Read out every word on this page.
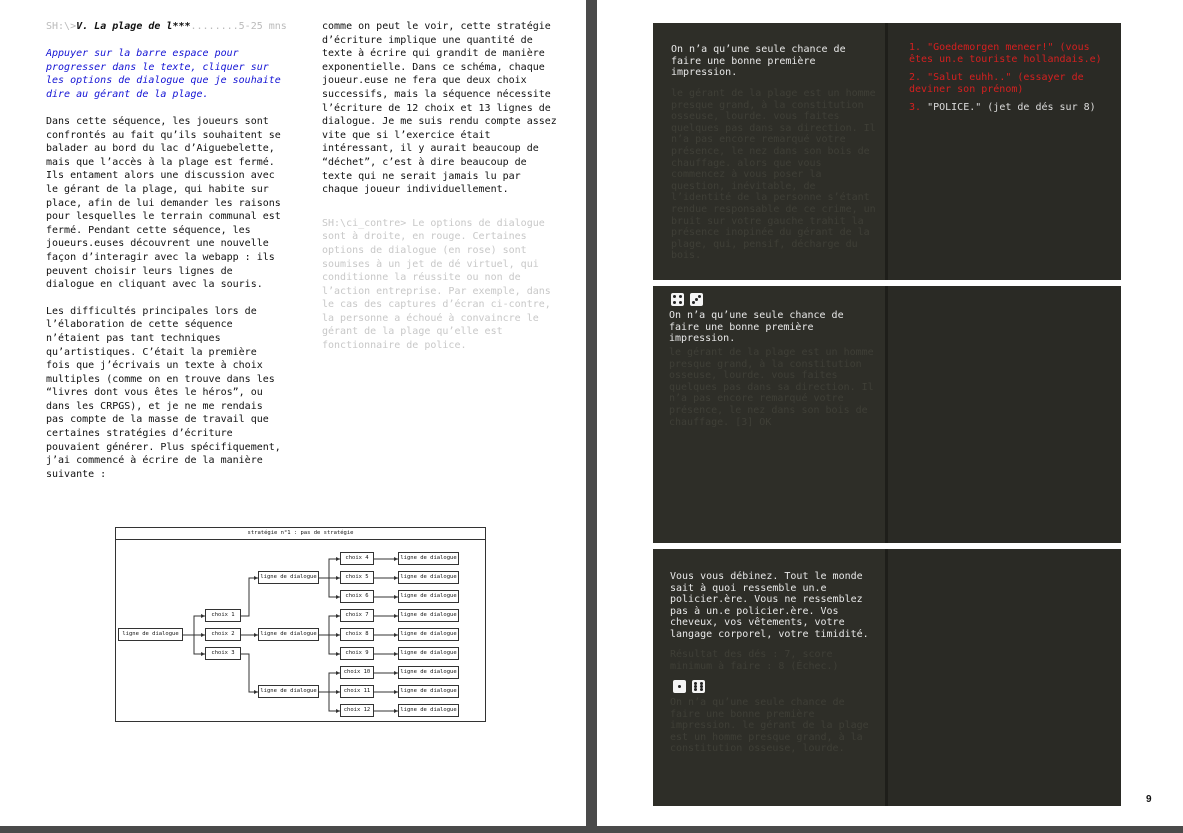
SH:\>V. La plage de l***........5-25 mns
Appuyer sur la barre espace pour progresser dans le texte, cliquer sur les options de dialogue que je souhaite dire au gérant de la plage.

Dans cette séquence, les joueurs sont confrontés au fait qu’ils souhaitent se balader au bord du lac d’Aiguebelette, mais que l’accès à la plage est fermé. Ils entament alors une discussion avec le gérant de la plage, qui habite sur place, afin de lui demander les raisons pour lesquelles le terrain communal est fermé. Pendant cette séquence, les joueurs.euses découvrent une nouvelle façon d’interagir avec la webapp : ils peuvent choisir leurs lignes de dialogue en cliquant avec la souris.

Les difficultés principales lors de l’élaboration de cette séquence n’étaient pas tant techniques qu’artistiques. C’était la première fois que j’écrivais un texte à choix multiples (comme on en trouve dans les “livres dont vous êtes le héros”, ou dans les CRPGS), et je ne me rendais pas compte de la masse de travail que certaines stratégies d’écriture pouvaient générer. Plus spécifiquement, j’ai commencé à écrire de la manière suivante :

comme on peut le voir, cette stratégie d’écriture implique une quantité de texte à écrire qui grandit de manière exponentielle. Dans ce schéma, chaque joueur.euse ne fera que deux choix successifs, mais la séquence nécessite l’écriture de 12 choix et 13 lignes de dialogue. Je me suis rendu compte assez vite que si l’exercice était intéressant, il y aurait beaucoup de “déchet”, c’est à dire beaucoup de texte qui ne serait jamais lu par chaque joueur individuellement.

SH:\ci_contre> Le options de dialogue sont à droite, en rouge. Certaines options de dialogue (en rose) sont soumises à un jet de dé virtuel, qui conditionne la réussite ou non de l’action entreprise. Par exemple, dans le cas des captures d’écran ci-contre, la personne a échoué à convaincre le gérant de la plage qu’elle est fonctionnaire de police.

stratégie n°1 : pas de stratégie
ligne de dialogue
choix 1
choix 2
choix 3
ligne de dialogue
ligne de dialogue
ligne de dialogue
choix 4
choix 5
choix 6
choix 7
choix 8
choix 9
choix 10
choix 11
choix 12
ligne de dialogue
ligne de dialogue
ligne de dialogue
ligne de dialogue
ligne de dialogue
ligne de dialogue
ligne de dialogue
ligne de dialogue
ligne de dialogue
On n’a qu’une seule chance de faire une bonne première impression.
le gérant de la plage est un homme presque grand, à la constitution osseuse, lourde. vous faites quelques pas dans sa direction. Il n’a pas encore remarqué votre présence, le nez dans son bois de chauffage. alors que vous commencez à vous poser la question, inévitable, de l’identité de la personne s’étant rendue responsable de ce crime, un bruit sur votre gauche trahit la présence inopinée du gérant de la plage, qui, pensif, décharge du bois.
1. "Goedemorgen meneer!" (vous êtes un.e touriste hollandais.e)
2. "Salut euhh.." (essayer de deviner son prénom)
3. "POLICE." (jet de dés sur 8)
On n’a qu’une seule chance de faire une bonne première impression.
le gérant de la plage est un homme presque grand, à la constitution osseuse, lourde. vous faites quelques pas dans sa direction. Il n’a pas encore remarqué votre présence, le nez dans son bois de chauffage. [3] OK
Vous vous débinez. Tout le monde sait à quoi ressemble un.e policier.ère. Vous ne ressemblez pas à un.e policier.ère. Vos cheveux, vos vêtements, votre langage corporel, votre timidité.
Résultat des dés : 7, score minimum à faire : 8 (Échec.)
On n’a qu’une seule chance de faire une bonne première impression. le gérant de la plage est un homme presque grand, à la constitution osseuse, lourde.
9
